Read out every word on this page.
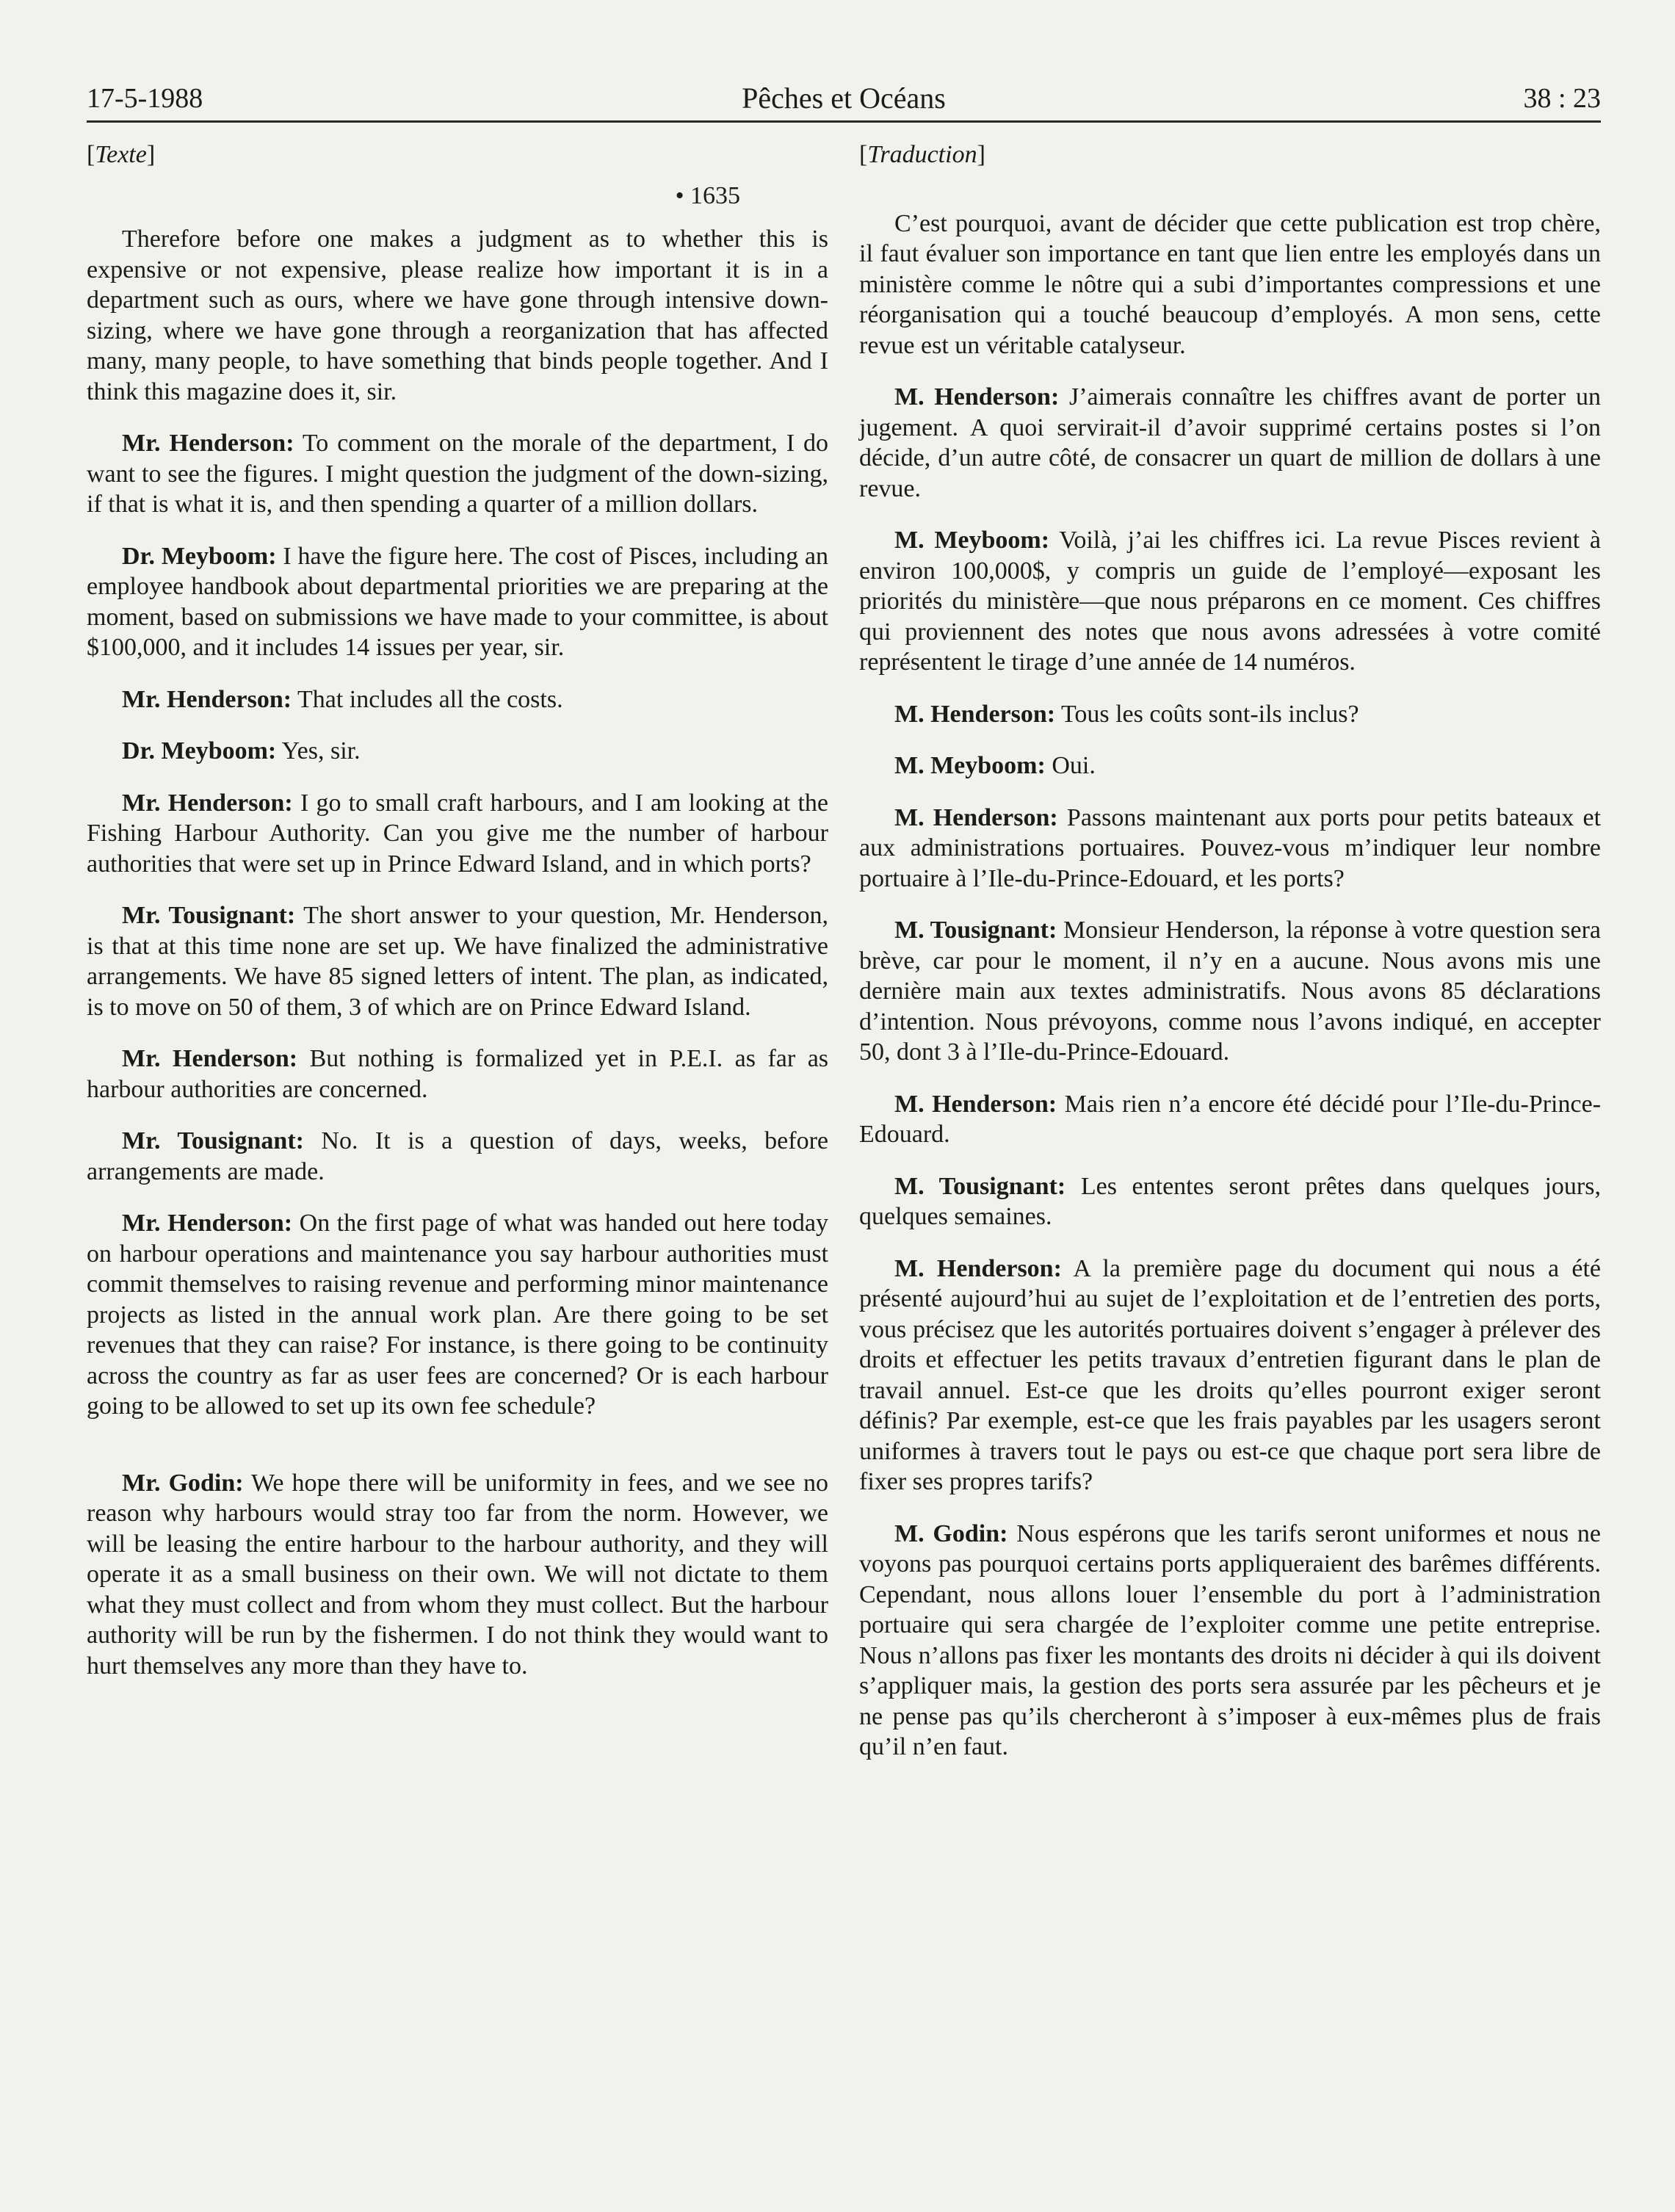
17-5-1988	Pêches et Océans	38 : 23
[Texte]
• 1635

Therefore before one makes a judgment as to whether this is expensive or not expensive, please realize how important it is in a department such as ours, where we have gone through intensive down-sizing, where we have gone through a reorganization that has affected many, many people, to have something that binds people together. And I think this magazine does it, sir.

Mr. Henderson: To comment on the morale of the department, I do want to see the figures. I might question the judgment of the down-sizing, if that is what it is, and then spending a quarter of a million dollars.

Dr. Meyboom: I have the figure here. The cost of Pisces, including an employee handbook about departmental priorities we are preparing at the moment, based on submissions we have made to your committee, is about $100,000, and it includes 14 issues per year, sir.

Mr. Henderson: That includes all the costs.

Dr. Meyboom: Yes, sir.

Mr. Henderson: I go to small craft harbours, and I am looking at the Fishing Harbour Authority. Can you give me the number of harbour authorities that were set up in Prince Edward Island, and in which ports?

Mr. Tousignant: The short answer to your question, Mr. Henderson, is that at this time none are set up. We have finalized the administrative arrangements. We have 85 signed letters of intent. The plan, as indicated, is to move on 50 of them, 3 of which are on Prince Edward Island.

Mr. Henderson: But nothing is formalized yet in P.E.I. as far as harbour authorities are concerned.

Mr. Tousignant: No. It is a question of days, weeks, before arrangements are made.

Mr. Henderson: On the first page of what was handed out here today on harbour operations and maintenance you say harbour authorities must commit themselves to raising revenue and performing minor maintenance projects as listed in the annual work plan. Are there going to be set revenues that they can raise? For instance, is there going to be continuity across the country as far as user fees are concerned? Or is each harbour going to be allowed to set up its own fee schedule?

Mr. Godin: We hope there will be uniformity in fees, and we see no reason why harbours would stray too far from the norm. However, we will be leasing the entire harbour to the harbour authority, and they will operate it as a small business on their own. We will not dictate to them what they must collect and from whom they must collect. But the harbour authority will be run by the fishermen. I do not think they would want to hurt themselves any more than they have to.

[Traduction]

C’est pourquoi, avant de décider que cette publication est trop chère, il faut évaluer son importance en tant que lien entre les employés dans un ministère comme le nôtre qui a subi d’importantes compressions et une réorganisation qui a touché beaucoup d’employés. A mon sens, cette revue est un véritable catalyseur.

M. Henderson: J’aimerais connaître les chiffres avant de porter un jugement. A quoi servirait-il d’avoir supprimé certains postes si l’on décide, d’un autre côté, de consacrer un quart de million de dollars à une revue.

M. Meyboom: Voilà, j’ai les chiffres ici. La revue Pisces revient à environ 100,000$, y compris un guide de l’employé—exposant les priorités du ministère—que nous préparons en ce moment. Ces chiffres qui proviennent des notes que nous avons adressées à votre comité représentent le tirage d’une année de 14 numéros.

M. Henderson: Tous les coûts sont-ils inclus?

M. Meyboom: Oui.

M. Henderson: Passons maintenant aux ports pour petits bateaux et aux administrations portuaires. Pouvez-vous m’indiquer leur nombre portuaire à l’Ile-du-Prince-Edouard, et les ports?

M. Tousignant: Monsieur Henderson, la réponse à votre question sera brève, car pour le moment, il n’y en a aucune. Nous avons mis une dernière main aux textes administratifs. Nous avons 85 déclarations d’intention. Nous prévoyons, comme nous l’avons indiqué, en accepter 50, dont 3 à l’Ile-du-Prince-Edouard.

M. Henderson: Mais rien n’a encore été décidé pour l’Ile-du-Prince-Edouard.

M. Tousignant: Les ententes seront prêtes dans quelques jours, quelques semaines.

M. Henderson: A la première page du document qui nous a été présenté aujourd’hui au sujet de l’exploitation et de l’entretien des ports, vous précisez que les autorités portuaires doivent s’engager à prélever des droits et effectuer les petits travaux d’entretien figurant dans le plan de travail annuel. Est-ce que les droits qu’elles pourront exiger seront définis? Par exemple, est-ce que les frais payables par les usagers seront uniformes à travers tout le pays ou est-ce que chaque port sera libre de fixer ses propres tarifs?

M. Godin: Nous espérons que les tarifs seront uniformes et nous ne voyons pas pourquoi certains ports appliqueraient des barêmes différents. Cependant, nous allons louer l’ensemble du port à l’administration portuaire qui sera chargée de l’exploiter comme une petite entreprise. Nous n’allons pas fixer les montants des droits ni décider à qui ils doivent s’appliquer mais, la gestion des ports sera assurée par les pêcheurs et je ne pense pas qu’ils chercheront à s’imposer à eux-mêmes plus de frais qu’il n’en faut.
